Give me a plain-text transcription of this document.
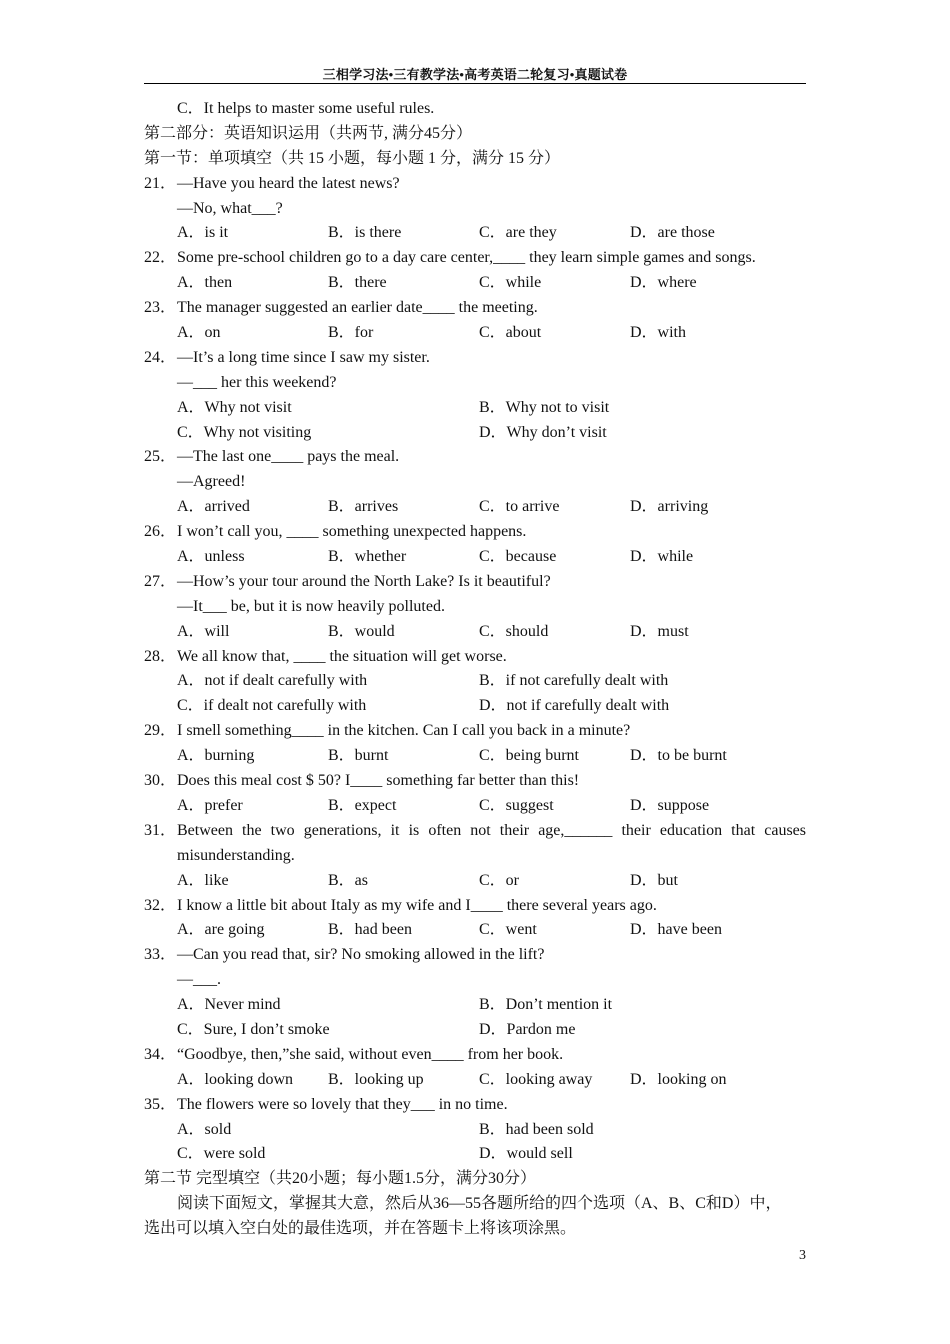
三相学习法•三有教学法•高考英语二轮复习•真题试卷
C．It helps to master some useful rules.
第二部分：英语知识运用（共两节, 满分45分）
第一节：单项填空（共 15 小题，每小题 1 分，满分 15 分）
21．—Have you heard the latest news?
—No, what___?
A．is it	B．is there	C．are they	D．are those
22．Some pre-school children go to a day care center,____ they learn simple games and songs.
A．then	B．there	C．while	D．where
23．The manager suggested an earlier date____ the meeting.
A．on	B．for	C．about	D．with
24．—It’s a long time since I saw my sister.
—___ her this weekend?
A．Why not visit	B．Why not to visit
C．Why not visiting	D．Why don’t visit
25．—The last one____ pays the meal.
—Agreed!
A．arrived	B．arrives	C．to arrive	D．arriving
26．I won’t call you, ____ something unexpected happens.
A．unless	B．whether	C．because	D．while
27．—How’s your tour around the North Lake? Is it beautiful?
—It___ be, but it is now heavily polluted.
A．will	B．would	C．should	D．must
28．We all know that, ____ the situation will get worse.
A．not if dealt carefully with	B．if not carefully dealt with
C．if dealt not carefully with	D．not if carefully dealt with
29．I smell something____ in the kitchen. Can I call you back in a minute?
A．burning	B．burnt	C．being burnt	D．to be burnt
30．Does this meal cost $ 50? I____ something far better than this!
A．prefer	B．expect	C．suggest	D．suppose
31．Between the two generations, it is often not their age,______ their education that causes
misunderstanding.
A．like	B．as	C．or	D．but
32．I know a little bit about Italy as my wife and I____ there several years ago.
A．are going	B．had been	C．went	D．have been
33．—Can you read that, sir? No smoking allowed in the lift?
—___.
A．Never mind	B．Don’t mention it
C．Sure, I don’t smoke	D．Pardon me
34．“Goodbye, then,”she said, without even____ from her book.
A．looking down B．looking up	C．looking away D．looking on
35．The flowers were so lovely that they___ in no time.
A．sold	B．had been sold
C．were sold	D．would sell
第二节 完型填空（共20小题；每小题1.5分，满分30分）
阅读下面短文，掌握其大意，然后从36—55各题所给的四个选项（A、B、C和D）中，
选出可以填入空白处的最佳选项，并在答题卡上将该项涂黑。
3
